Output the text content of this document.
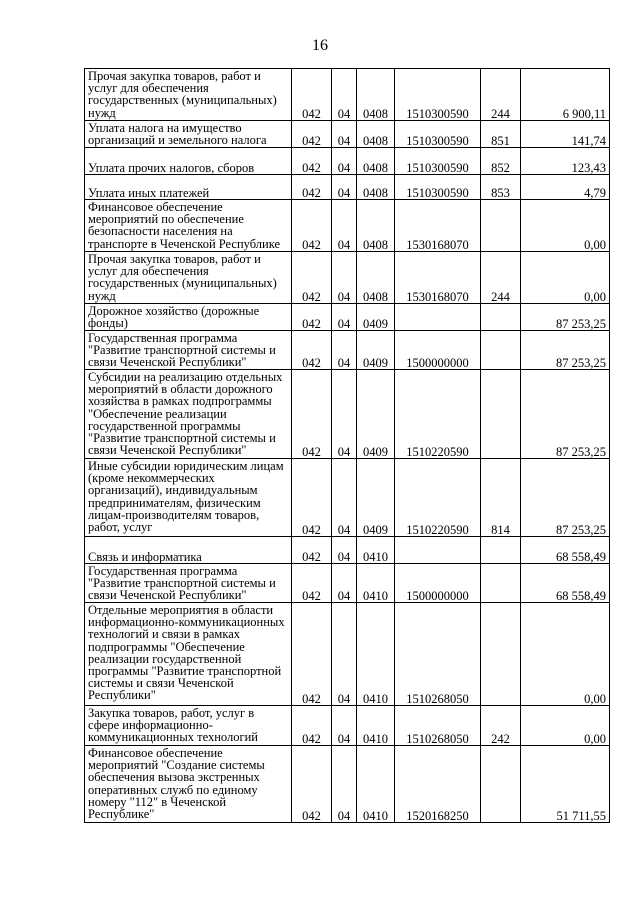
16
Прочая закупка товаров, работ и услуг для обеспечения государственных (муниципальных) нужд	042	04	0408	1510300590	244	6 900,11
Уплата налога на имущество организаций и земельного налога	042	04	0408	1510300590	851	141,74
Уплата прочих налогов, сборов	042	04	0408	1510300590	852	123,43
Уплата иных платежей	042	04	0408	1510300590	853	4,79
Финансовое обеспечение мероприятий по обеспечение безопасности населения на транспорте в Чеченской Республике	042	04	0408	1530168070		0,00
Прочая закупка товаров, работ и услуг для обеспечения государственных (муниципальных) нужд	042	04	0408	1530168070	244	0,00
Дорожное хозяйство (дорожные фонды)	042	04	0409			87 253,25
Государственная программа "Развитие транспортной системы и связи Чеченской Республики"	042	04	0409	1500000000		87 253,25
Субсидии на реализацию отдельных мероприятий в области дорожного хозяйства в рамках подпрограммы "Обеспечение реализации государственной программы "Развитие транспортной системы и связи Чеченской Республики"	042	04	0409	1510220590		87 253,25
Иные субсидии юридическим лицам (кроме некоммерческих организаций), индивидуальным предпринимателям, физическим лицам-производителям товаров, работ, услуг	042	04	0409	1510220590	814	87 253,25
Связь и информатика	042	04	0410			68 558,49
Государственная программа "Развитие транспортной системы и связи Чеченской Республики"	042	04	0410	1500000000		68 558,49
Отдельные мероприятия в области информационно-коммуникационных технологий и связи в рамках подпрограммы "Обеспечение реализации государственной программы "Развитие транспортной системы и связи Чеченской Республики"	042	04	0410	1510268050		0,00
Закупка товаров, работ, услуг в сфере информационно-коммуникационных технологий	042	04	0410	1510268050	242	0,00
Финансовое обеспечение мероприятий "Создание системы обеспечения вызова экстренных оперативных служб по единому номеру "112" в Чеченской Республике"	042	04	0410	1520168250		51 711,55
